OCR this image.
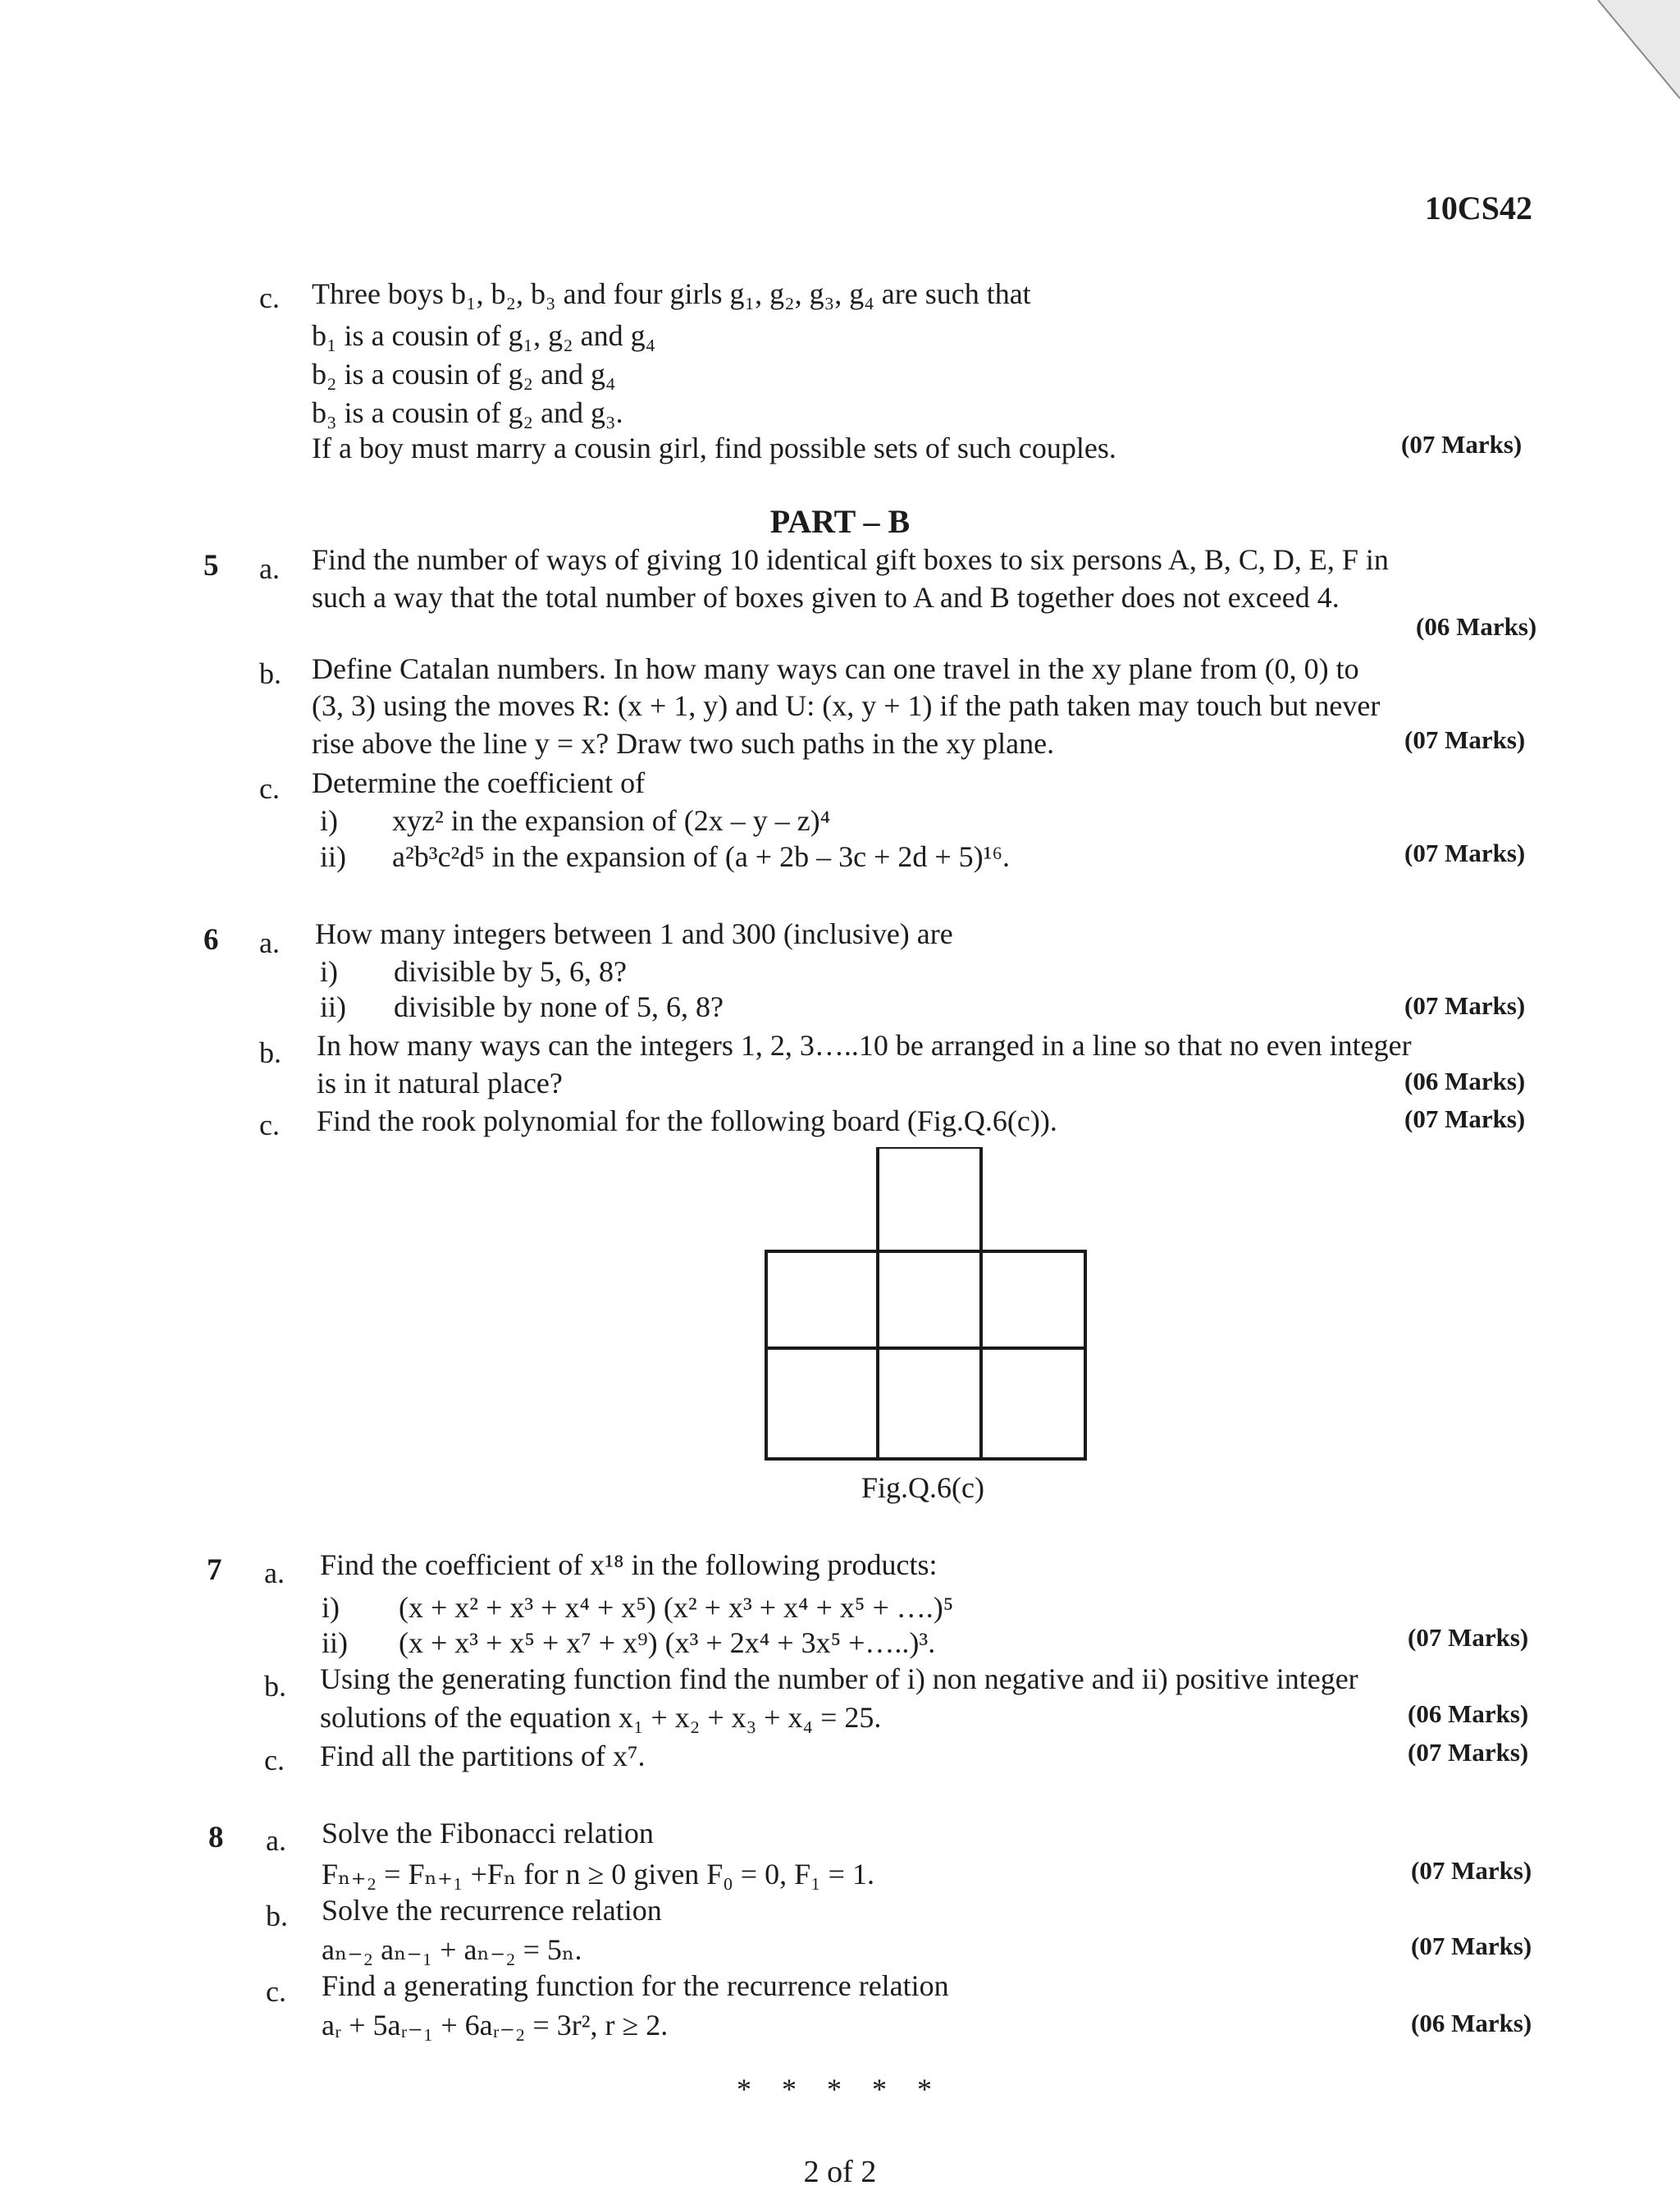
10CS42
c. Three boys b₁, b₂, b₃ and four girls g₁, g₂, g₃, g₄ are such that
b₁ is a cousin of g₁, g₂ and g₄
b₂ is a cousin of g₂ and g₄
b₃ is a cousin of g₂ and g₃.
If a boy must marry a cousin girl, find possible sets of such couples.	(07 Marks)
PART – B
5 a. Find the number of ways of giving 10 identical gift boxes to six persons A, B, C, D, E, F in
such a way that the total number of boxes given to A and B together does not exceed 4.
(06 Marks)
b. Define Catalan numbers. In how many ways can one travel in the xy plane from (0, 0) to
(3, 3) using the moves R: (x + 1, y) and U: (x, y + 1) if the path taken may touch but never
rise above the line y = x? Draw two such paths in the xy plane.	(07 Marks)
c. Determine the coefficient of
i) xyz² in the expansion of (2x – y – z)⁴
ii) a²b³c²d⁵ in the expansion of (a + 2b – 3c + 2d + 5)¹⁶.	(07 Marks)
6 a. How many integers between 1 and 300 (inclusive) are
i) divisible by 5, 6, 8?
ii) divisible by none of 5, 6, 8?	(07 Marks)
b. In how many ways can the integers 1, 2, 3…..10 be arranged in a line so that no even integer
is in it natural place?	(06 Marks)
c. Find the rook polynomial for the following board (Fig.Q.6(c)).	(07 Marks)
Fig.Q.6(c)
7 a. Find the coefficient of x¹⁸ in the following products:
i) (x + x² + x³ + x⁴ + x⁵) (x² + x³ + x⁴ + x⁵ + ….)⁵
ii) (x + x³ + x⁵ + x⁷ + x⁹) (x³ + 2x⁴ + 3x⁵ +…..)³.	(07 Marks)
b. Using the generating function find the number of i) non negative and ii) positive integer
solutions of the equation x₁ + x₂ + x₃ + x₄ = 25.	(06 Marks)
c. Find all the partitions of x⁷.	(07 Marks)
8 a. Solve the Fibonacci relation
Fₙ₊₂ = Fₙ₊₁ +Fₙ for n ≥ 0 given F₀ = 0, F₁ = 1.	(07 Marks)
b. Solve the recurrence relation
aₙ₋₂ aₙ₋₁ + aₙ₋₂ = 5ₙ.	(07 Marks)
c. Find a generating function for the recurrence relation
aᵣ + 5aᵣ₋₁ + 6aᵣ₋₂ = 3r², r ≥ 2.	(06 Marks)
* * * * *
2 of 2
